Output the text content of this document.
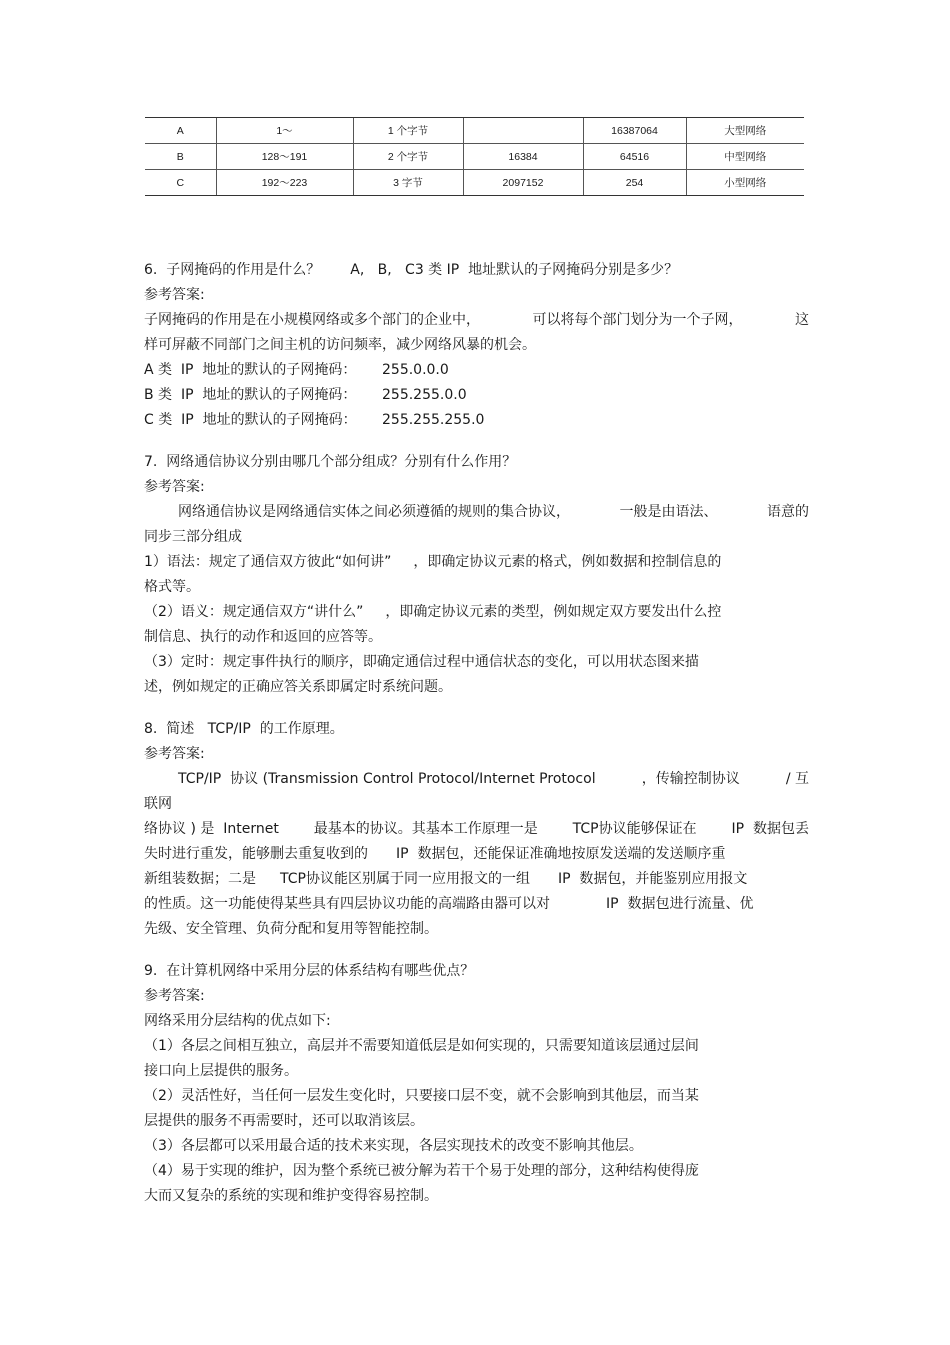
A	1～	1 个字节		16387064	大型网络
B	128～191	2 个字节	16384	64516	中型网络
C	192～223	3 字节	2097152	254	小型网络
6.  子网掩码的作用是什么？ A,   B,   C3 类 IP  地址默认的子网掩码分别是多少？
参考答案:
子网掩码的作用是在小规模网络或多个部门的企业中，	可以将每个部门划分为一个子网，	这
样可屏蔽不同部门之间主机的访问频率，减少网络风暴的机会。
A 类  IP  地址的默认的子网掩码： 255.0.0.0
B 类  IP  地址的默认的子网掩码： 255.255.0.0
C 类  IP  地址的默认的子网掩码： 255.255.255.0
7.  网络通信协议分别由哪几个部分组成？分别有什么作用？
参考答案:
网络通信协议是网络通信实体之间必须遵循的规则的集合协议，	一般是由语法、	语意的
同步三部分组成
1）语法：规定了通信双方彼此“如何讲” ，即确定协议元素的格式，例如数据和控制信息的
格式等。
（2）语义：规定通信双方“讲什么” ，即确定协议元素的类型，例如规定双方要发出什么控
制信息、执行的动作和返回的应答等。
（3）定时：规定事件执行的顺序，即确定通信过程中通信状态的变化，可以用状态图来描
述，例如规定的正确应答关系即属定时系统问题。
8.  简述   TCP/IP  的工作原理。
参考答案:
TCP/IP  协议 (Transmission Control Protocol/Internet Protocol	，传输控制协议	/ 互
联网
络协议 ) 是  Internet 最基本的协议。其基本工作原理一是 TCP协议能够保证在 IP  数据包丢
失时进行重发，能够删去重复收到的 IP  数据包，还能保证准确地按原发送端的发送顺序重
新组装数据；二是 TCP协议能区别属于同一应用报文的一组 IP  数据包，并能鉴别应用报文
的性质。这一功能使得某些具有四层协议功能的高端路由器可以对	IP  数据包进行流量、优
先级、安全管理、负荷分配和复用等智能控制。
9.  在计算机网络中采用分层的体系结构有哪些优点？
参考答案:
网络采用分层结构的优点如下:
（1）各层之间相互独立，高层并不需要知道低层是如何实现的，只需要知道该层通过层间
接口向上层提供的服务。
（2）灵活性好，当任何一层发生变化时，只要接口层不变，就不会影响到其他层，而当某
层提供的服务不再需要时，还可以取消该层。
（3）各层都可以采用最合适的技术来实现，各层实现技术的改变不影响其他层。
（4）易于实现的维护，因为整个系统已被分解为若干个易于处理的部分，这种结构使得庞
大而又复杂的系统的实现和维护变得容易控制。
